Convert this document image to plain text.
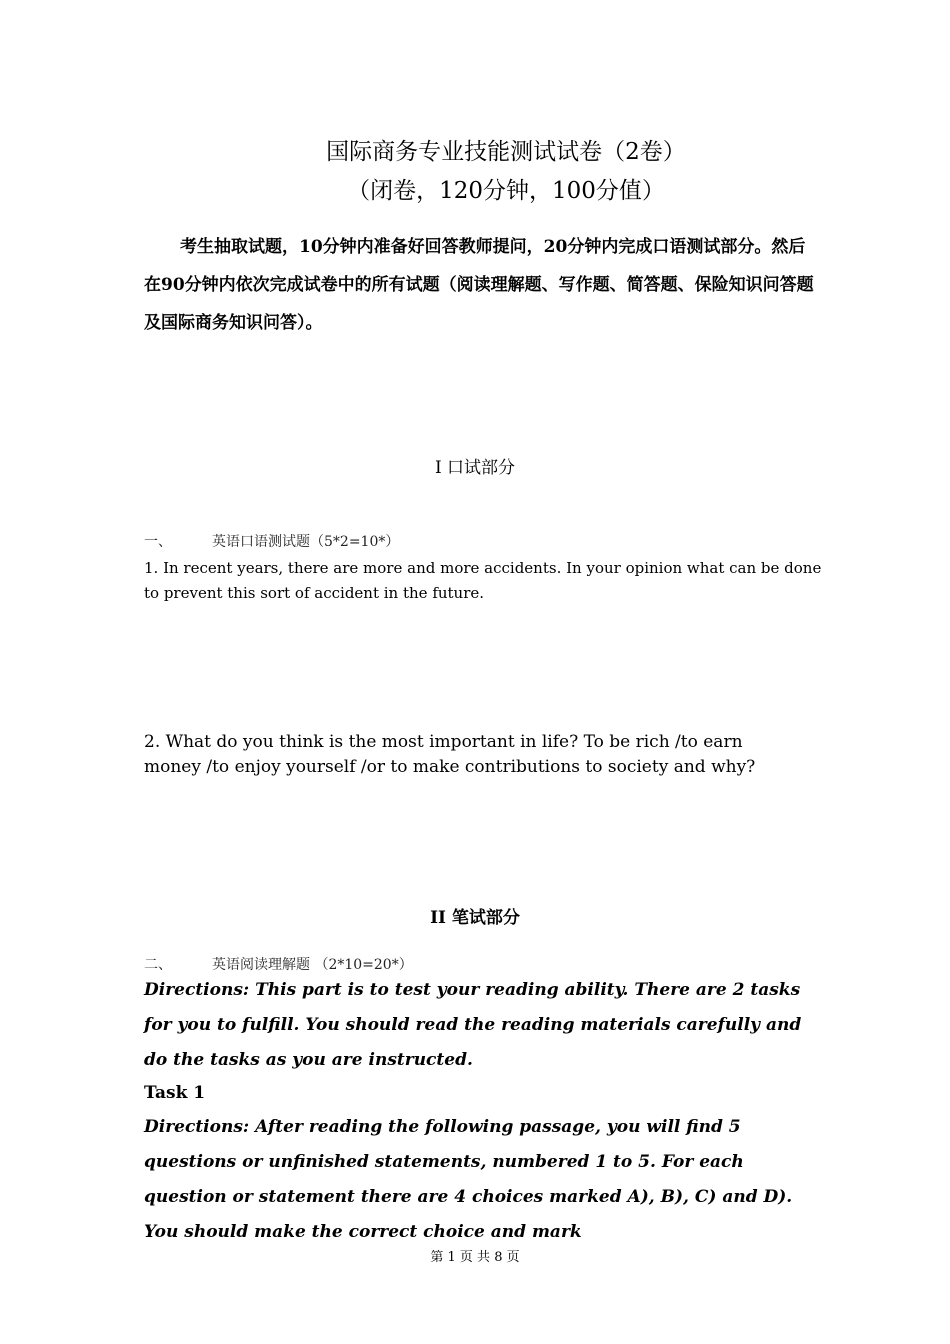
国际商务专业技能测试试卷（2卷）
（闭卷，120分钟，100分值）
考生抽取试题，10分钟内准备好回答教师提问，20分钟内完成口语测试部分。然后在90分钟内依次完成试卷中的所有试题（阅读理解题、写作题、简答题、保险知识问答题及国际商务知识问答）。
Ⅰ 口试部分
一、	英语口语测试题（5*2=10*）
1. In recent years, there are more and more accidents. In your opinion what can be done to prevent this sort of accident in the future.
2. What do you think is the most important in life? To be rich /to earn money /to enjoy yourself /or to make contributions to society and why?
II 笔试部分
二、	英语阅读理解题 （2*10=20*）
Directions: This part is to test your reading ability. There are 2 tasks for you to fulfill. You should read the reading materials carefully and do the tasks as you are instructed.
Task 1
Directions: After reading the following passage, you will find 5 questions or unfinished statements, numbered 1 to 5. For each question or statement there are 4 choices marked A), B), C) and D). You should make the correct choice and mark
第 1 页 共 8 页
